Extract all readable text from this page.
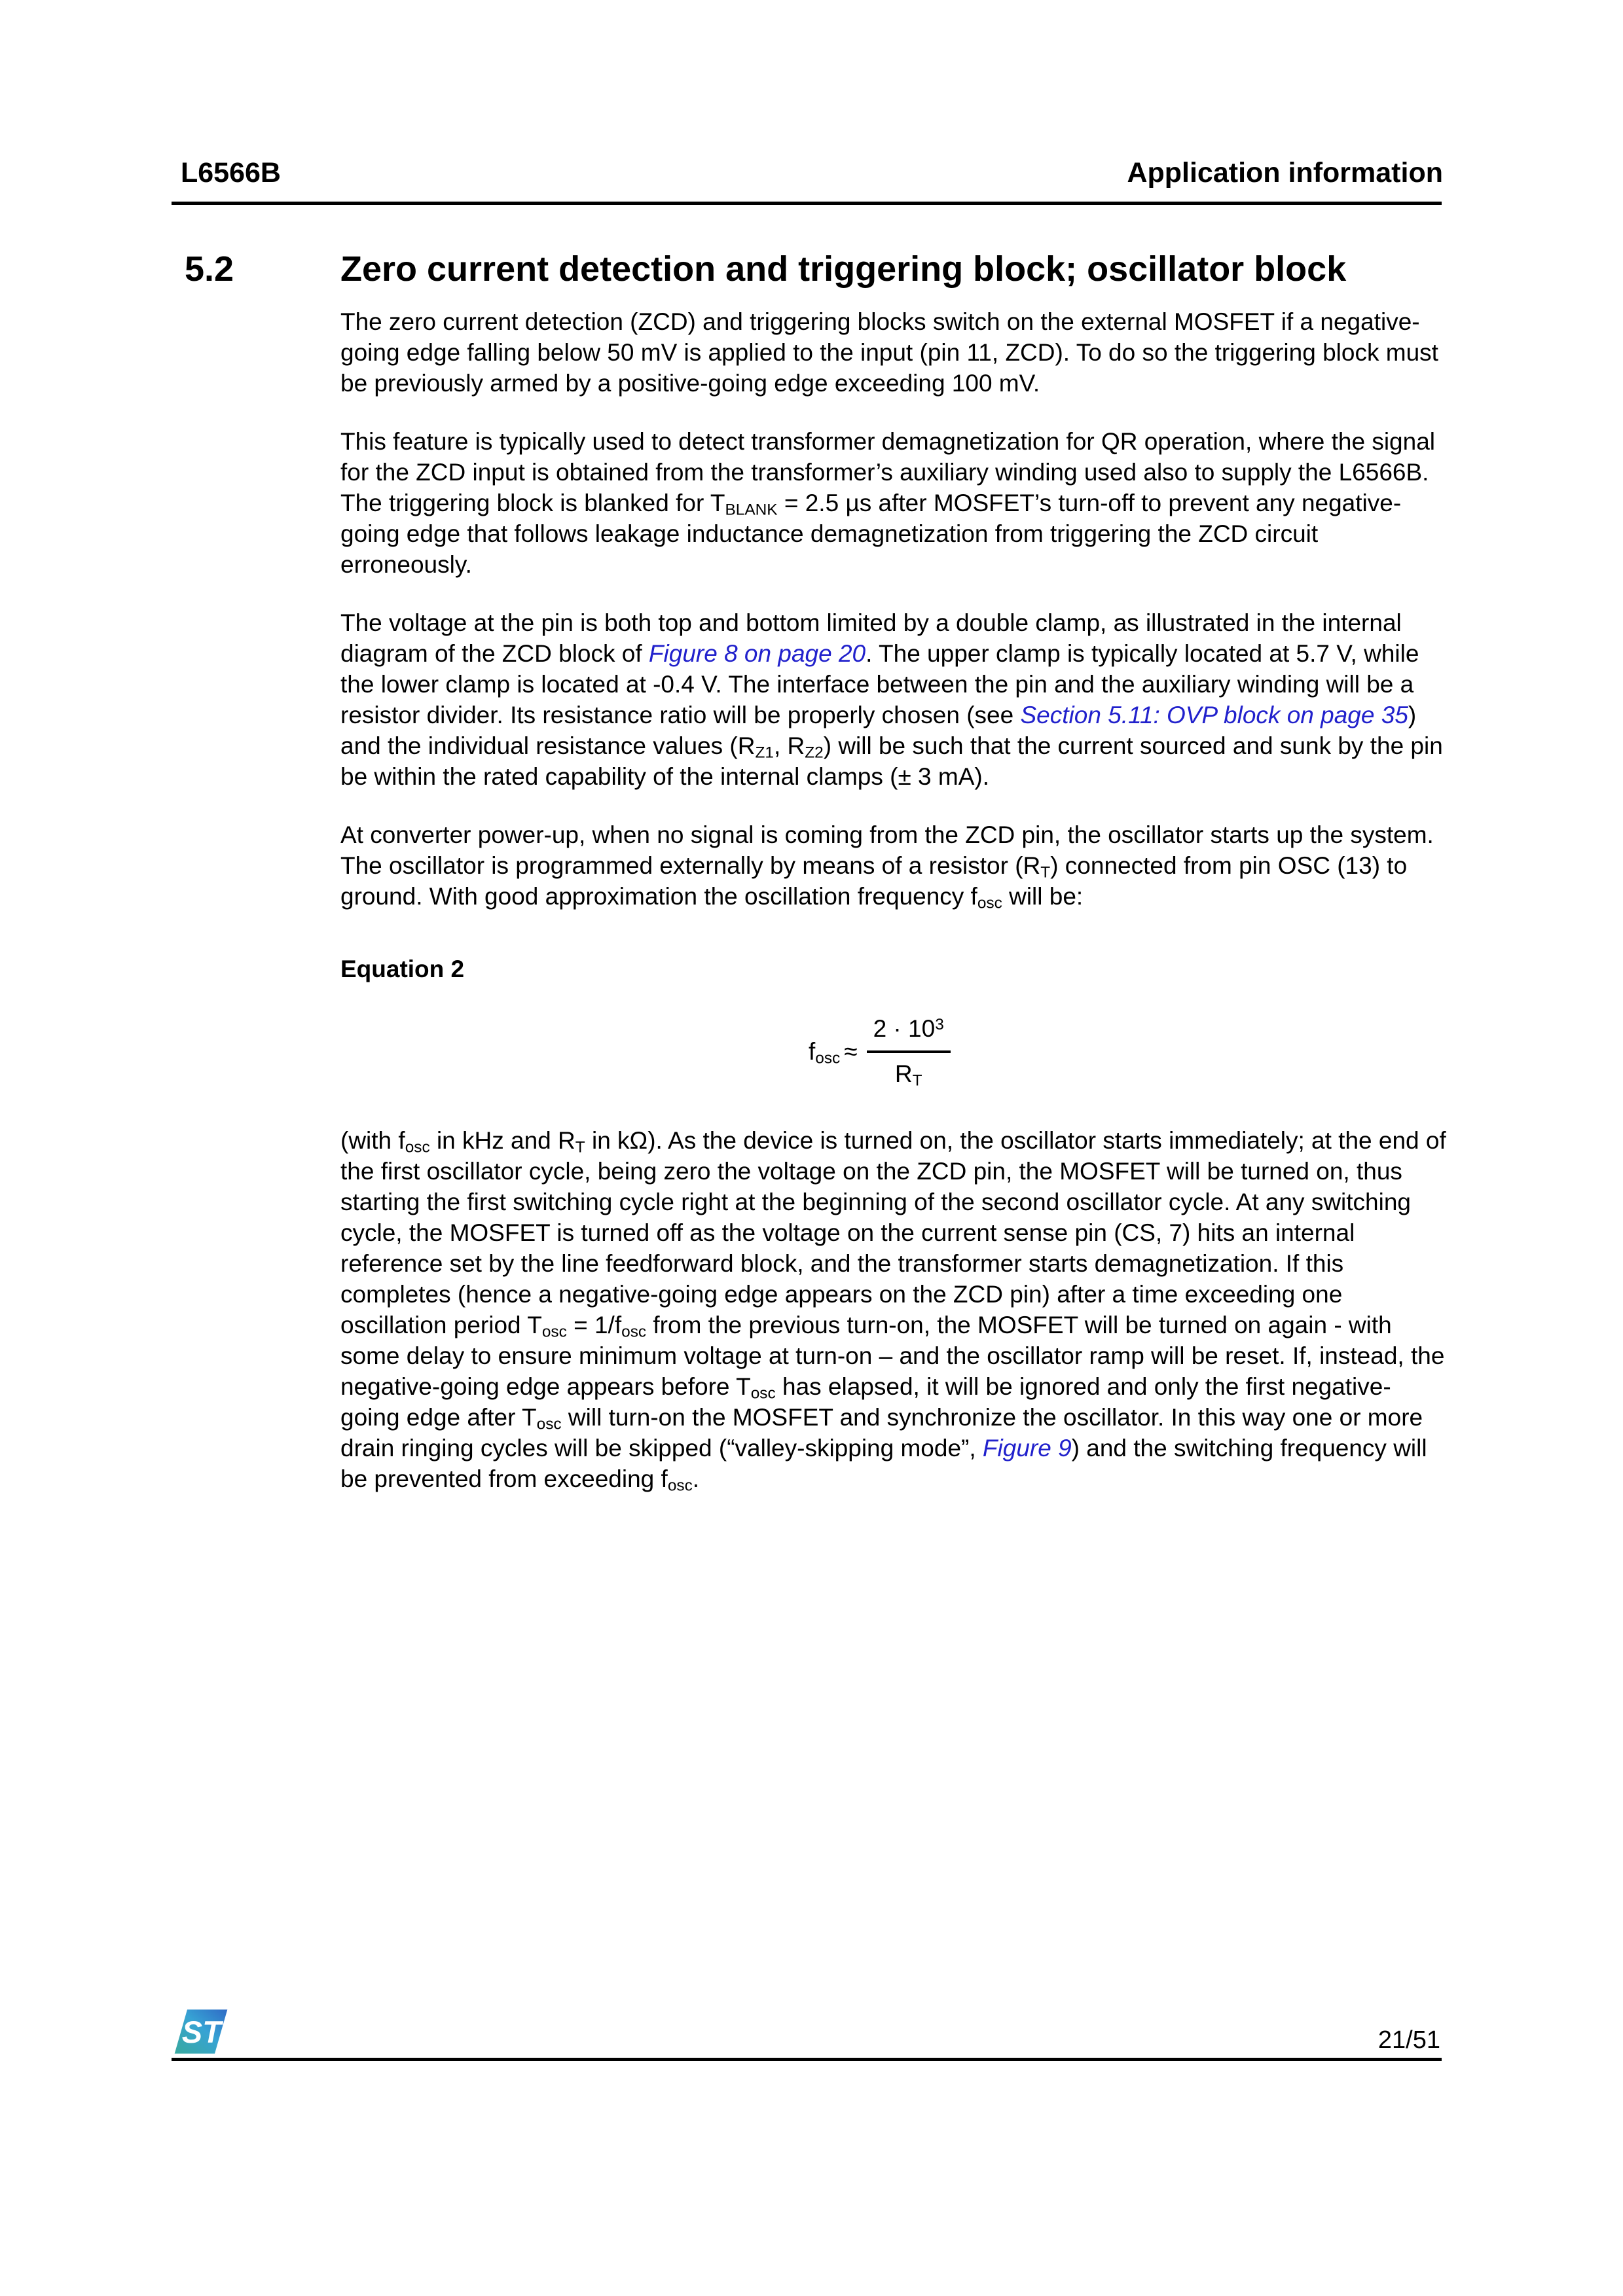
L6566B	Application information
5.2	Zero current detection and triggering block; oscillator block

The zero current detection (ZCD) and triggering blocks switch on the external MOSFET if a negative-going edge falling below 50 mV is applied to the input (pin 11, ZCD). To do so the triggering block must be previously armed by a positive-going edge exceeding 100 mV.

This feature is typically used to detect transformer demagnetization for QR operation, where the signal for the ZCD input is obtained from the transformer’s auxiliary winding used also to supply the L6566B. The triggering block is blanked for $T_{BLANK} = 2.5$ µs after MOSFET’s turn-off to prevent any negative-going edge that follows leakage inductance demagnetization from triggering the ZCD circuit erroneously.

The voltage at the pin is both top and bottom limited by a double clamp, as illustrated in the internal diagram of the ZCD block of Figure 8 on page 20. The upper clamp is typically located at 5.7 V, while the lower clamp is located at -0.4 V. The interface between the pin and the auxiliary winding will be a resistor divider. Its resistance ratio will be properly chosen (see Section 5.11: OVP block on page 35) and the individual resistance values ($R_{Z1}$, $R_{Z2}$) will be such that the current sourced and sunk by the pin be within the rated capability of the internal clamps (± 3 mA).

At converter power-up, when no signal is coming from the ZCD pin, the oscillator starts up the system. The oscillator is programmed externally by means of a resistor $(R_T)$ connected from pin OSC (13) to ground. With good approximation the oscillation frequency $f_{osc}$ will be:

Equation 2

$f_{osc} \approx \frac{2 \cdot 10^3}{R_T}$

(with $f_{osc}$ in kHz and $R_T$ in kΩ). As the device is turned on, the oscillator starts immediately; at the end of the first oscillator cycle, being zero the voltage on the ZCD pin, the MOSFET will be turned on, thus starting the first switching cycle right at the beginning of the second oscillator cycle. At any switching cycle, the MOSFET is turned off as the voltage on the current sense pin (CS, 7) hits an internal reference set by the line feedforward block, and the transformer starts demagnetization. If this completes (hence a negative-going edge appears on the ZCD pin) after a time exceeding one oscillation period $T_{osc} = 1/f_{osc}$ from the previous turn-on, the MOSFET will be turned on again - with some delay to ensure minimum voltage at turn-on – and the oscillator ramp will be reset. If, instead, the negative-going edge appears before $T_{osc}$ has elapsed, it will be ignored and only the first negative-going edge after $T_{osc}$ will turn-on the MOSFET and synchronize the oscillator. In this way one or more drain ringing cycles will be skipped (“valley-skipping mode”, Figure 9) and the switching frequency will be prevented from exceeding $f_{osc}$.

ST	21/51
